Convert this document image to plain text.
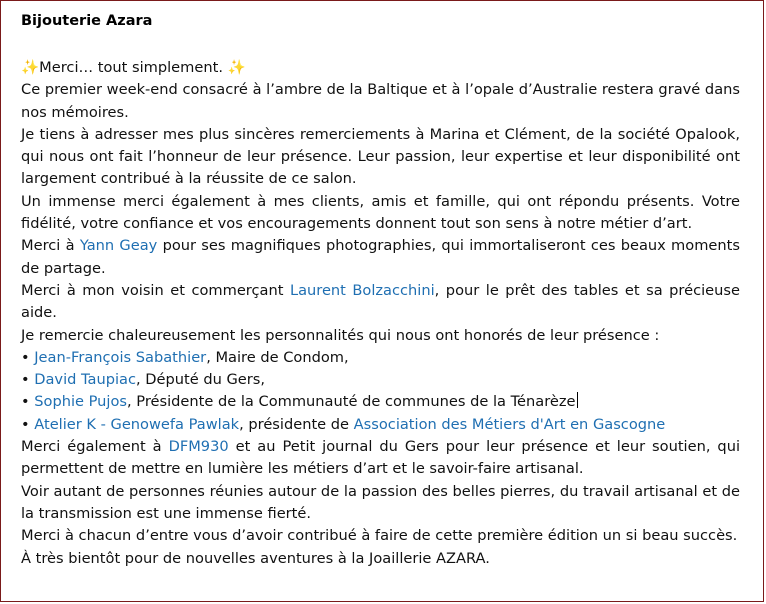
Bijouterie Azara

✨Merci… tout simplement. ✨

Ce premier week-end consacré à l’ambre de la Baltique et à l’opale d’Australie restera gravé dans nos mémoires.

Je tiens à adresser mes plus sincères remerciements à Marina et Clément, de la société Opalook, qui nous ont fait l’honneur de leur présence. Leur passion, leur expertise et leur disponibilité ont largement contribué à la réussite de ce salon.

Un immense merci également à mes clients, amis et famille, qui ont répondu présents. Votre fidélité, votre confiance et vos encouragements donnent tout son sens à notre métier d’art.

Merci à Yann Geay pour ses magnifiques photographies, qui immortaliseront ces beaux moments de partage.

Merci à mon voisin et commerçant Laurent Bolzacchini, pour le prêt des tables et sa précieuse aide.

Je remercie chaleureusement les personnalités qui nous ont honorés de leur présence :

• Jean-François Sabathier, Maire de Condom,

• David Taupiac, Député du Gers,

• Sophie Pujos, Présidente de la Communauté de communes de la Ténarèze

• Atelier K - Genowefa Pawlak, présidente de Association des Métiers d'Art en Gascogne

Merci également à DFM930 et au Petit journal du Gers pour leur présence et leur soutien, qui permettent de mettre en lumière les métiers d’art et le savoir-faire artisanal.

Voir autant de personnes réunies autour de la passion des belles pierres, du travail artisanal et de la transmission est une immense fierté.

Merci à chacun d’entre vous d’avoir contribué à faire de cette première édition un si beau succès.

À très bientôt pour de nouvelles aventures à la Joaillerie AZARA.
